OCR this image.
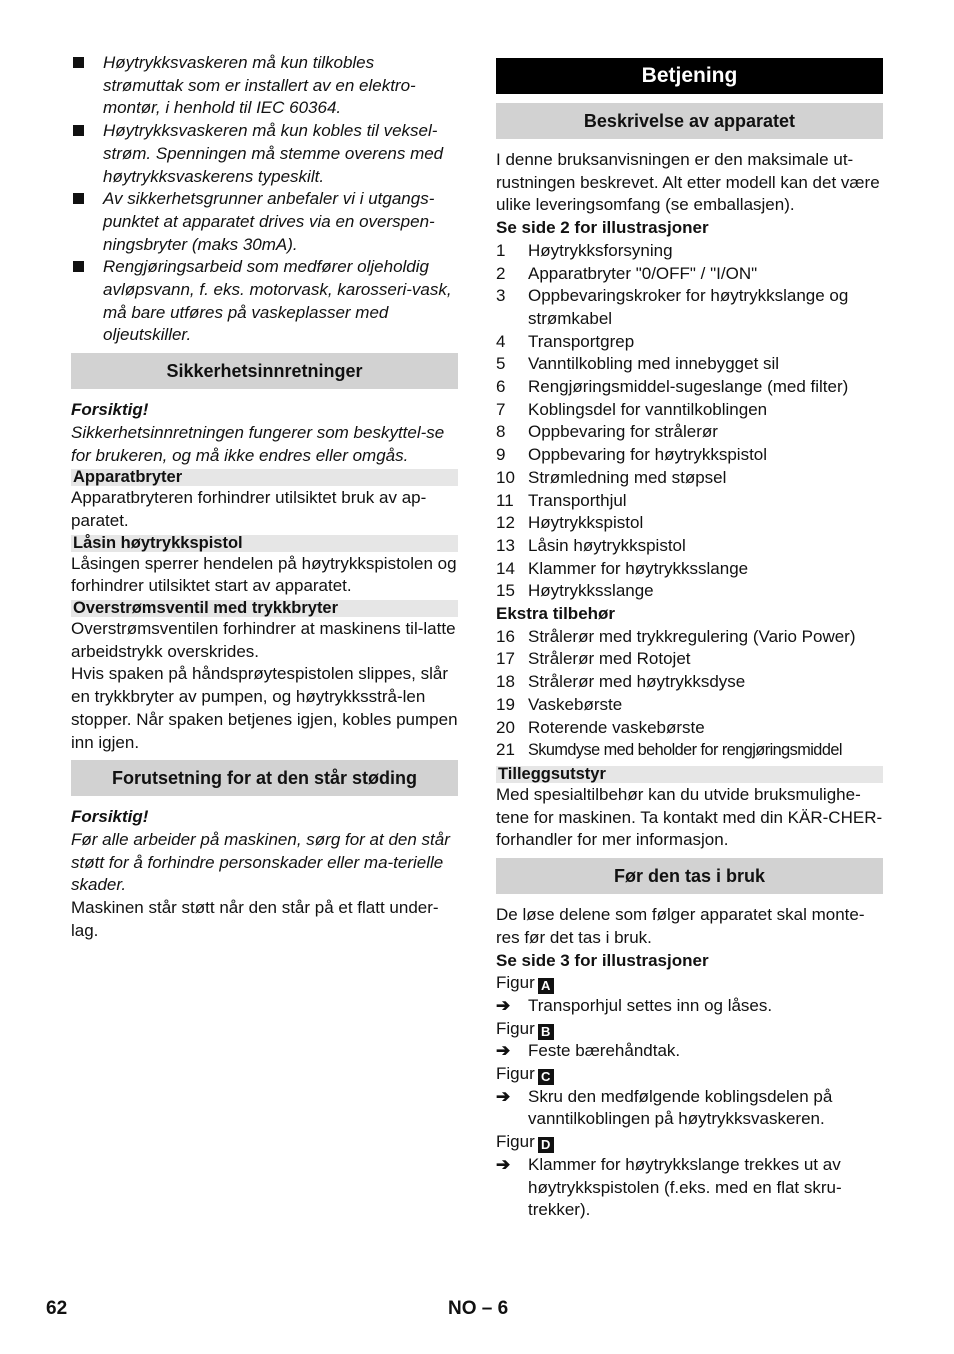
Høytrykksvaskeren må kun tilkobles strømuttak som er installert av en elektro-montør, i henhold til IEC 60364.
Høytrykksvaskeren må kun kobles til veksel-strøm. Spenningen må stemme overens med høytrykksvaskerens typeskilt.
Av sikkerhetsgrunner anbefaler vi i utgangs-punktet at apparatet drives via en overspen-ningsbryter (maks 30mA).
Rengjøringsarbeid som medfører oljeholdig avløpsvann, f. eks. motorvask, karosseri-vask, må bare utføres på vaskeplasser med oljeutskiller.
Sikkerhetsinnretninger
Forsiktig!
Sikkerhetsinnretningen fungerer som beskyttel-se for brukeren, og må ikke endres eller omgås.
Apparatbryter
Apparatbryteren forhindrer utilsiktet bruk av ap-paratet.
Låsin høytrykkspistol
Låsingen sperrer hendelen på høytrykkspistolen og forhindrer utilsiktet start av apparatet.
Overstrømsventil med trykkbryter
Overstrømsventilen forhindrer at maskinens til-latte arbeidstrykk overskrides.
Hvis spaken på håndsprøytespistolen slippes, slår en trykkbryter av pumpen, og høytrykksstrå-len stopper. Når spaken betjenes igjen, kobles pumpen inn igjen.
Forutsetning for at den står støding
Forsiktig!
Før alle arbeider på maskinen, sørg for at den står støtt for å forhindre personskader eller ma-terielle skader.
Maskinen står støtt når den står på et flatt under-lag.
Betjening
Beskrivelse av apparatet
I denne bruksanvisningen er den maksimale ut-rustningen beskrevet. Alt etter modell kan det være ulike leveringsomfang (se emballasjen).
Se side 2 for illustrasjoner
1	Høytrykksforsyning
2	Apparatbryter "0/OFF" / "I/ON"
3	Oppbevaringskroker for høytrykkslange og strømkabel
4	Transportgrep
5	Vanntilkobling med innebygget sil
6	Rengjøringsmiddel-sugeslange (med filter)
7	Koblingsdel for vanntilkoblingen
8	Oppbevaring for strålerør
9	Oppbevaring for høytrykkspistol
10 Strømledning med støpsel
11 Transporthjul
12 Høytrykkspistol
13 Låsin høytrykkspistol
14 Klammer for høytrykksslange
15 Høytrykksslange
Ekstra tilbehør
16 Strålerør med trykkregulering (Vario Power)
17 Strålerør med Rotojet
18 Strålerør med høytrykksdyse
19 Vaskebørste
20 Roterende vaskebørste
21 Skumdyse med beholder for rengjøringsmiddel
Tilleggsutstyr
Med spesialtilbehør kan du utvide bruksmulighe-tene for maskinen. Ta kontakt med din KÄR-CHER-forhandler for mer informasjon.
Før den tas i bruk
De løse delene som følger apparatet skal monte-res før det tas i bruk.
Se side 3 for illustrasjoner
Figur A
➔	Transporhjul settes inn og låses.
Figur B
➔	Feste bærehåndtak.
Figur C
➔	Skru den medfølgende koblingsdelen på vanntilkoblingen på høytrykksvaskeren.
Figur D
➔	Klammer for høytrykkslange trekkes ut av høytrykkspistolen (f.eks. med en flat skru-trekker).
62	NO – 6
